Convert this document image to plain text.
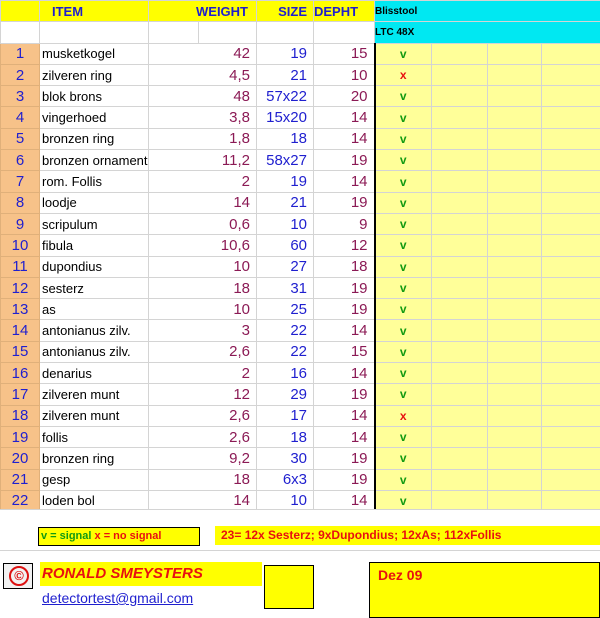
	ITEM	WEIGHT		SIZE	DEPHT	Blisstool				
						LTC 48X				
1	musketkogel	42		19	15	v				
2	zilveren ring	4,5		21	10	x				
3	blok brons	48		57x22	20	v				
4	vingerhoed	3,8		15x20	14	v				
5	bronzen ring	1,8		18	14	v				
6	bronzen ornament	11,2		58x27	19	v				
7	rom. Follis	2		19	14	v				
8	loodje	14		21	19	v				
9	scripulum	0,6		10	9	v				
10	fibula	10,6		60	12	v				
11	dupondius	10		27	18	v				
12	sesterz	18		31	19	v				
13	as	10		25	19	v				
14	antonianus zilv.	3		22	14	v				
15	antonianus zilv.	2,6		22	15	v				
16	denarius	2		16	14	v				
17	zilveren munt	12		29	19	v				
18	zilveren munt	2,6		17	14	x				
19	follis	2,6		18	14	v				
20	bronzen ring	9,2		30	19	v				
21	gesp	18		6x3	19	v				
22	loden bol	14		10	14	v				

v = signal x = no signal	23= 12x Sesterz; 9xDupondius; 12xAs; 112xFollis
©	RONALD SMEYSTERS
detectortest@gmail.com
Dez 09
